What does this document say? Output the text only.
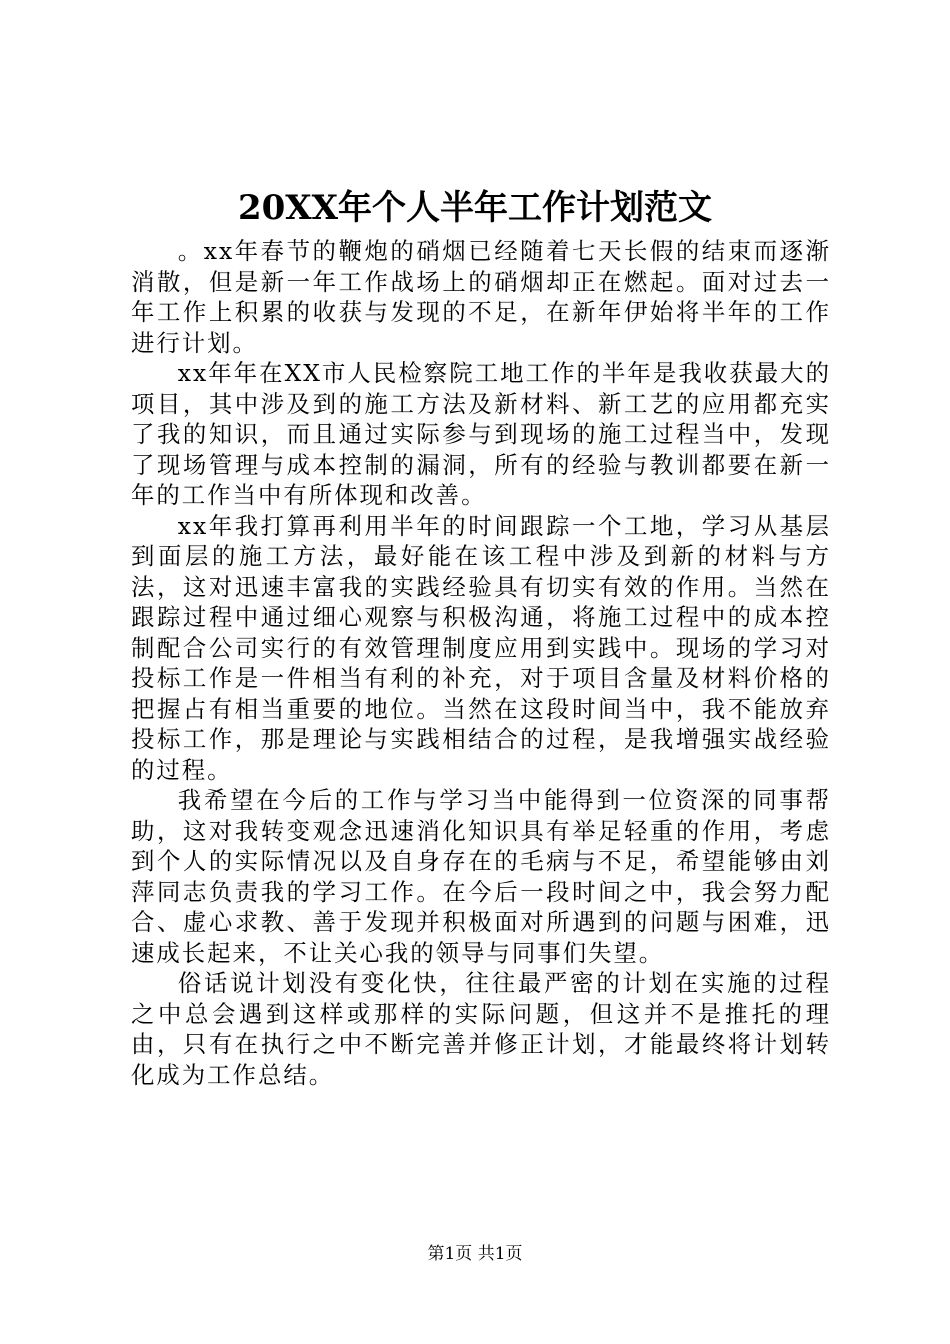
20XX年个人半年工作计划范文

。xx年春节的鞭炮的硝烟已经随着七天长假的结束而逐渐消散，但是新一年工作战场上的硝烟却正在燃起。面对过去一年工作上积累的收获与发现的不足，在新年伊始将半年的工作进行计划。

xx年年在XX市人民检察院工地工作的半年是我收获最大的项目，其中涉及到的施工方法及新材料、新工艺的应用都充实了我的知识，而且通过实际参与到现场的施工过程当中，发现了现场管理与成本控制的漏洞，所有的经验与教训都要在新一年的工作当中有所体现和改善。

xx年我打算再利用半年的时间跟踪一个工地，学习从基层到面层的施工方法，最好能在该工程中涉及到新的材料与方法，这对迅速丰富我的实践经验具有切实有效的作用。当然在跟踪过程中通过细心观察与积极沟通，将施工过程中的成本控制配合公司实行的有效管理制度应用到实践中。现场的学习对投标工作是一件相当有利的补充，对于项目含量及材料价格的把握占有相当重要的地位。当然在这段时间当中，我不能放弃投标工作，那是理论与实践相结合的过程，是我增强实战经验的过程。

我希望在今后的工作与学习当中能得到一位资深的同事帮助，这对我转变观念迅速消化知识具有举足轻重的作用，考虑到个人的实际情况以及自身存在的毛病与不足，希望能够由刘萍同志负责我的学习工作。在今后一段时间之中，我会努力配合、虚心求教、善于发现并积极面对所遇到的问题与困难，迅速成长起来，不让关心我的领导与同事们失望。

俗话说计划没有变化快，往往最严密的计划在实施的过程之中总会遇到这样或那样的实际问题，但这并不是推托的理由，只有在执行之中不断完善并修正计划，才能最终将计划转化成为工作总结。

第1页 共1页
